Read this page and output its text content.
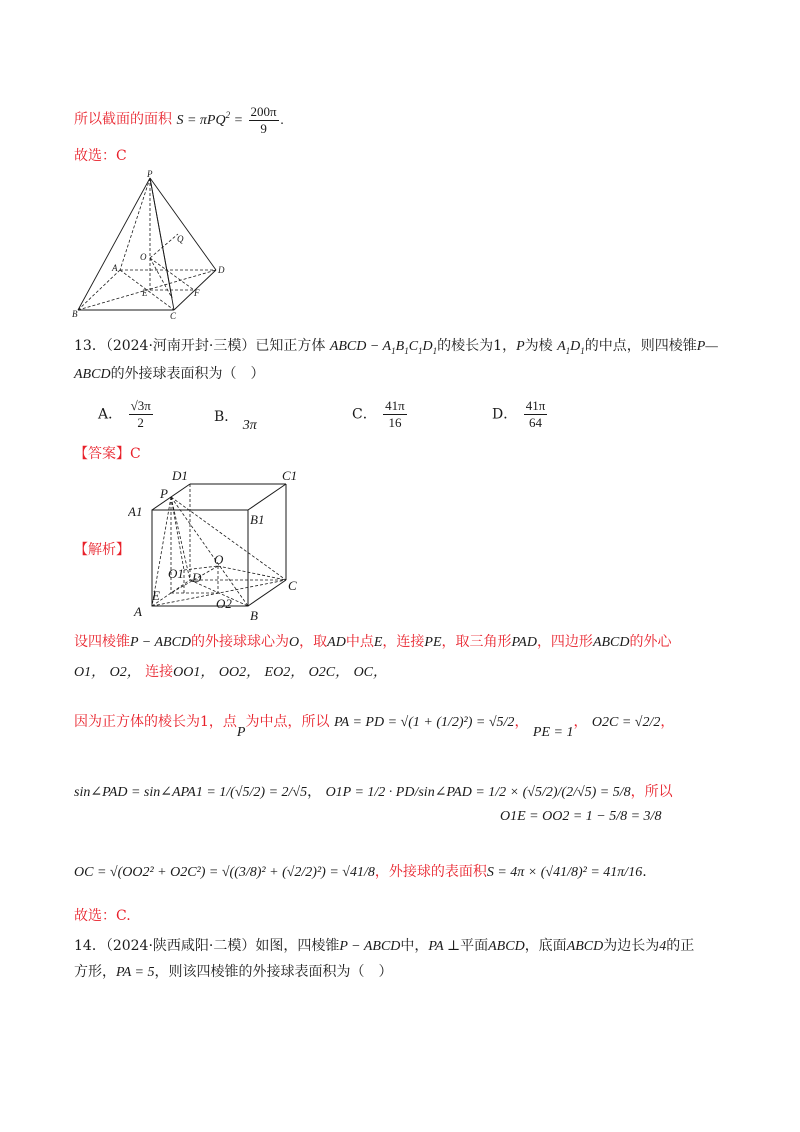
所以截面的面积 $S = \pi PQ^2 = \frac{200\pi}{9}$ .
故选：C
P
Q
O
A	D
E	F
B	C
13．（2024·河南开封·三模）已知正方体 ABCD − $A_1B_1C_1D_1$的棱长为1，P为棱 $A_1D_1$的中点，则四棱锥P—
ABCD的外接球表面积为（　）
A． $\frac{√3\pi}{2}$	B． 3π
C． $\frac{41\pi}{16}$	D． $\frac{41\pi}{64}$
【答案】C
【解析】
D1	C1
P
A1
B1
O
O1 D
C
E
O2
A	B
设四棱锥P − ABCD的外接球球心为O，取AD中点E，连接PE，取三角形PAD，四边形ABCD的外心
O1， O2， 连接OO1， OO2， EO2， O2C， OC，
因为正方体的棱长为1，点P为中点，所以 PA = PD = √(1 + (1/2)²) = √5/2， PE = 1， O2C = √2/2，
sin∠PAD = sin∠APA1 = 1/(√5/2) = 2/√5， O1P = 1/2 · PD/sin∠PAD = 1/2 × (√5/2)/(2/√5) = 5/8，所以
O1E = OO2 = 1 − 5/8 = 3/8
OC = √(OO2² + O2C²) = √((3/8)² + (√2/2)²) = √41/8，外接球的表面积S = 4π × (√41/8)² = 41π/16.
故选：C.
14．（2024·陕西咸阳·二模）如图，四棱锥P − ABCD中，PA ⊥平面ABCD，底面ABCD为边长为4的正
方形，PA = 5，则该四棱锥的外接球表面积为（　）
